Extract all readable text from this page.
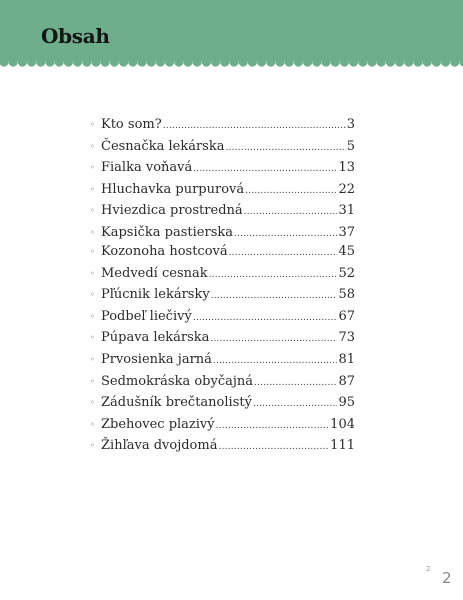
Obsah
◦ Kto som? .....	3
◦ Česnačka lekárska .....	5
◦ Fialka voňavá .....	13
◦ Hluchavka purpurová .....	22
◦ Hviezdica prostredná .....	31
◦ Kapsička pastierska .....	37
◦ Kozonoha hostcová .....	45
◦ Medvedí cesnak .....	52
◦ Pľúcnik lekársky .....	58
◦ Podbeľ liečivý .....	67
◦ Púpava lekárska .....	73
◦ Prvosienka jarná .....	81
◦ Sedmokráska obyčajná .....	87
◦ Zádušník brečtanolistý .....	95
◦ Zbehovec plazivý .....	104
◦ Žihľava dvojdomá .....	111
2 2
